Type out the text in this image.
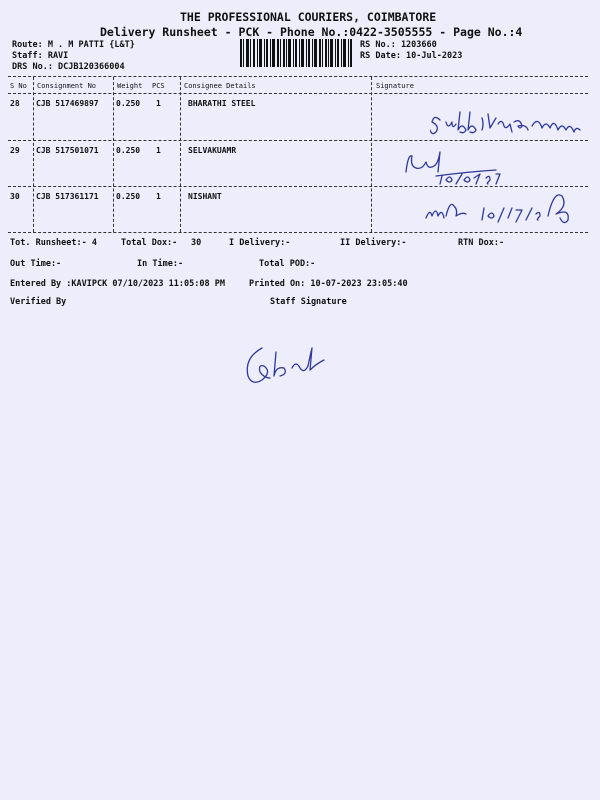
THE PROFESSIONAL COURIERS, COIMBATORE
Delivery Runsheet - PCK - Phone No.:0422-3505555 - Page No.:4
Route: M . M PATTI {L&T}
Staff: RAVI
DRS No.: DCJB120366004
RS No.: 1203660
RS Date: 10-Jul-2023
S No Consignment No	Weight PCS	Consignee Details	Signature
28 CJB 517469897 0.250 1	BHARATHI STEEL
29 CJB 517501071 0.250 1	SELVAKUAMR
30 CJB 517361171 0.250 1	NISHANT
Tot. Runsheet:- 4	Total Dox:- 30	I Delivery:-	II Delivery:-	RTN Dox:-
Out Time:-	In Time:-	Total POD:-
Entered By :KAVIPCK 07/10/2023 11:05:08 PM	Printed On: 10-07-2023 23:05:40
Verified By	Staff Signature
